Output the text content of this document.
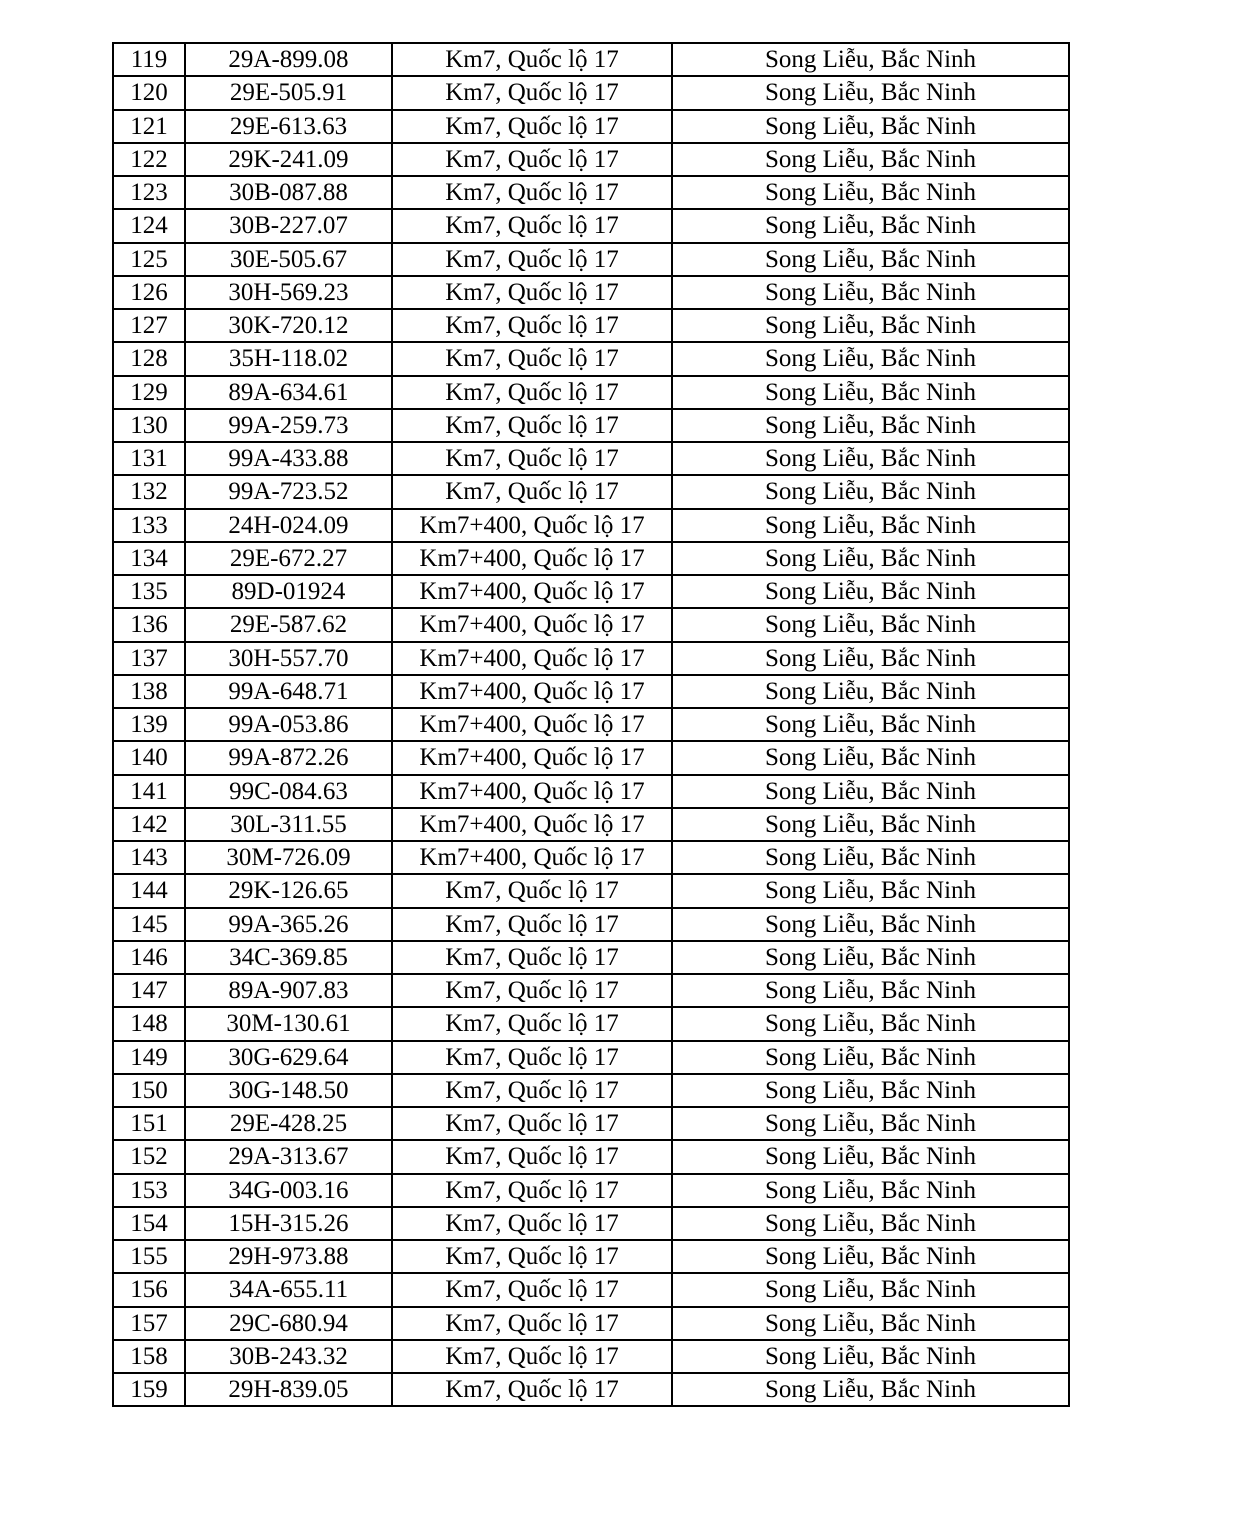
119	29A-899.08	Km7, Quốc lộ 17	Song Liễu, Bắc Ninh
120	29E-505.91	Km7, Quốc lộ 17	Song Liễu, Bắc Ninh
121	29E-613.63	Km7, Quốc lộ 17	Song Liễu, Bắc Ninh
122	29K-241.09	Km7, Quốc lộ 17	Song Liễu, Bắc Ninh
123	30B-087.88	Km7, Quốc lộ 17	Song Liễu, Bắc Ninh
124	30B-227.07	Km7, Quốc lộ 17	Song Liễu, Bắc Ninh
125	30E-505.67	Km7, Quốc lộ 17	Song Liễu, Bắc Ninh
126	30H-569.23	Km7, Quốc lộ 17	Song Liễu, Bắc Ninh
127	30K-720.12	Km7, Quốc lộ 17	Song Liễu, Bắc Ninh
128	35H-118.02	Km7, Quốc lộ 17	Song Liễu, Bắc Ninh
129	89A-634.61	Km7, Quốc lộ 17	Song Liễu, Bắc Ninh
130	99A-259.73	Km7, Quốc lộ 17	Song Liễu, Bắc Ninh
131	99A-433.88	Km7, Quốc lộ 17	Song Liễu, Bắc Ninh
132	99A-723.52	Km7, Quốc lộ 17	Song Liễu, Bắc Ninh
133	24H-024.09	Km7+400, Quốc lộ 17	Song Liễu, Bắc Ninh
134	29E-672.27	Km7+400, Quốc lộ 17	Song Liễu, Bắc Ninh
135	89D-01924	Km7+400, Quốc lộ 17	Song Liễu, Bắc Ninh
136	29E-587.62	Km7+400, Quốc lộ 17	Song Liễu, Bắc Ninh
137	30H-557.70	Km7+400, Quốc lộ 17	Song Liễu, Bắc Ninh
138	99A-648.71	Km7+400, Quốc lộ 17	Song Liễu, Bắc Ninh
139	99A-053.86	Km7+400, Quốc lộ 17	Song Liễu, Bắc Ninh
140	99A-872.26	Km7+400, Quốc lộ 17	Song Liễu, Bắc Ninh
141	99C-084.63	Km7+400, Quốc lộ 17	Song Liễu, Bắc Ninh
142	30L-311.55	Km7+400, Quốc lộ 17	Song Liễu, Bắc Ninh
143	30M-726.09	Km7+400, Quốc lộ 17	Song Liễu, Bắc Ninh
144	29K-126.65	Km7, Quốc lộ 17	Song Liễu, Bắc Ninh
145	99A-365.26	Km7, Quốc lộ 17	Song Liễu, Bắc Ninh
146	34C-369.85	Km7, Quốc lộ 17	Song Liễu, Bắc Ninh
147	89A-907.83	Km7, Quốc lộ 17	Song Liễu, Bắc Ninh
148	30M-130.61	Km7, Quốc lộ 17	Song Liễu, Bắc Ninh
149	30G-629.64	Km7, Quốc lộ 17	Song Liễu, Bắc Ninh
150	30G-148.50	Km7, Quốc lộ 17	Song Liễu, Bắc Ninh
151	29E-428.25	Km7, Quốc lộ 17	Song Liễu, Bắc Ninh
152	29A-313.67	Km7, Quốc lộ 17	Song Liễu, Bắc Ninh
153	34G-003.16	Km7, Quốc lộ 17	Song Liễu, Bắc Ninh
154	15H-315.26	Km7, Quốc lộ 17	Song Liễu, Bắc Ninh
155	29H-973.88	Km7, Quốc lộ 17	Song Liễu, Bắc Ninh
156	34A-655.11	Km7, Quốc lộ 17	Song Liễu, Bắc Ninh
157	29C-680.94	Km7, Quốc lộ 17	Song Liễu, Bắc Ninh
158	30B-243.32	Km7, Quốc lộ 17	Song Liễu, Bắc Ninh
159	29H-839.05	Km7, Quốc lộ 17	Song Liễu, Bắc Ninh
